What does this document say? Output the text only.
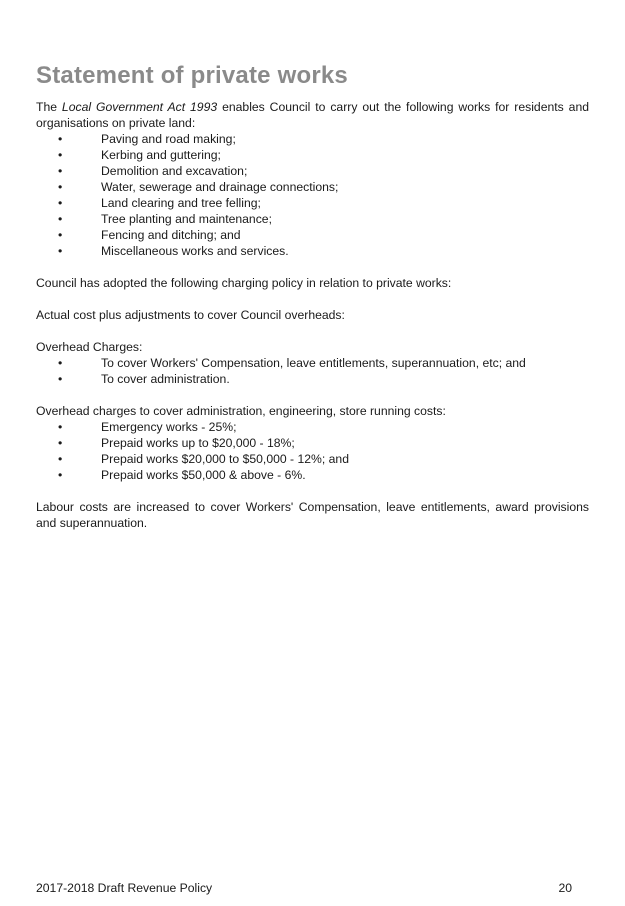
Statement of private works

The Local Government Act 1993 enables Council to carry out the following works for residents and organisations on private land:

•	Paving and road making;
•	Kerbing and guttering;
•	Demolition and excavation;
•	Water, sewerage and drainage connections;
•	Land clearing and tree felling;
•	Tree planting and maintenance;
•	Fencing and ditching; and
•	Miscellaneous works and services.

Council has adopted the following charging policy in relation to private works:

Actual cost plus adjustments to cover Council overheads:

Overhead Charges:

•	To cover Workers' Compensation, leave entitlements, superannuation, etc; and
•	To cover administration.

Overhead charges to cover administration, engineering, store running costs:

•	Emergency works - 25%;
•	Prepaid works up to $20,000 - 18%;
•	Prepaid works $20,000 to $50,000 - 12%; and
•	Prepaid works $50,000 & above - 6%.

Labour costs are increased to cover Workers' Compensation, leave entitlements, award provisions and superannuation.

2017-2018 Draft Revenue Policy	20
